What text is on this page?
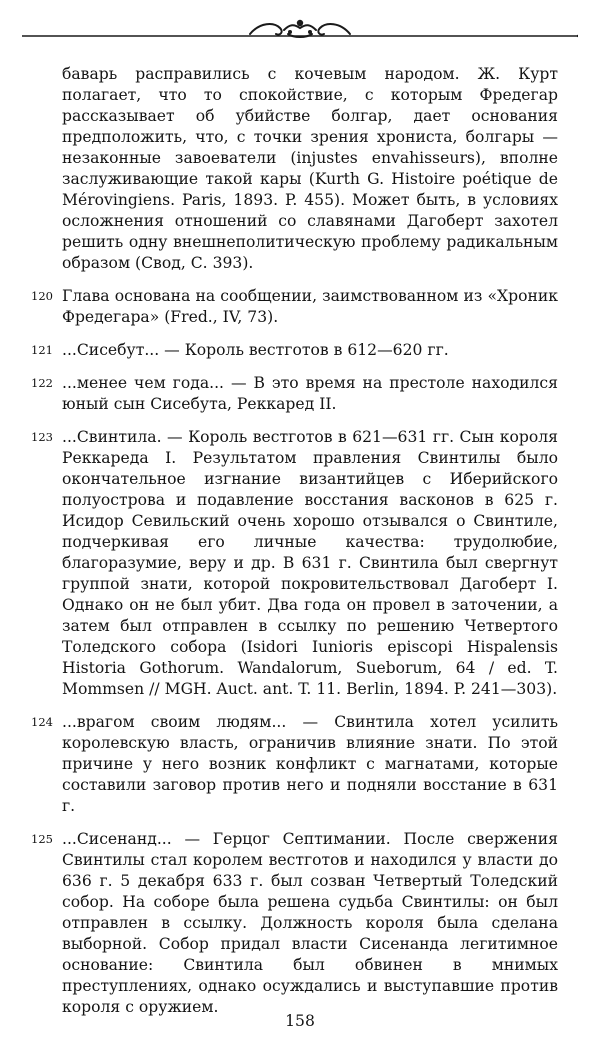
баварь расправились с кочевым народом. Ж. Курт полагает, что то спокойствие, с которым Фредегар рассказывает об убийстве болгар, дает основания предположить, что, с точки зрения хрониста, болгары — незаконные завоеватели (injustes envahisseurs), вполне заслуживающие такой кары (Kurth G. Histoire poétique de Mérovingiens. Paris, 1893. P. 455). Может быть, в условиях осложнения отношений со славянами Дагоберт захотел решить одну внешнеполитическую проблему радикальным образом (Свод, С. 393).

120 Глава основана на сообщении, заимствованном из «Хроник Фредегара» (Fred., IV, 73).

121 ...Сисебут... — Король вестготов в 612—620 гг.

122 ...менее чем года... — В это время на престоле находился юный сын Сисебута, Реккаред II.

123 ...Свинтила. — Король вестготов в 621—631 гг. Сын короля Реккареда I. Результатом правления Свинтилы было окончательное изгнание византийцев с Иберийского полуострова и подавление восстания васконов в 625 г. Исидор Севильский очень хорошо отзывался о Свинтиле, подчеркивая его личные качества: трудолюбие, благоразумие, веру и др. В 631 г. Свинтила был свергнут группой знати, которой покровительствовал Дагоберт I. Однако он не был убит. Два года он провел в заточении, а затем был отправлен в ссылку по решению Четвертого Толедского собора (Isidori Iunioris episcopi Hispalensis Historia Gothorum. Wandalorum, Sueborum, 64 / ed. T. Mommsen // MGH. Auct. ant. T. 11. Berlin, 1894. P. 241—303).

124 ...врагом своим людям... — Свинтила хотел усилить королевскую власть, ограничив влияние знати. По этой причине у него возник конфликт с магнатами, которые составили заговор против него и подняли восстание в 631 г.

125 ...Сисенанд... — Герцог Септимании. После свержения Свинтилы стал королем вестготов и находился у власти до 636 г. 5 декабря 633 г. был созван Четвертый Толедский собор. На соборе была решена судьба Свинтилы: он был отправлен в ссылку. Должность короля была сделана выборной. Собор придал власти Сисенанда легитимное основание: Свинтила был обвинен в мнимых преступлениях, однако осуждались и выступавшие против короля с оружием.

158
